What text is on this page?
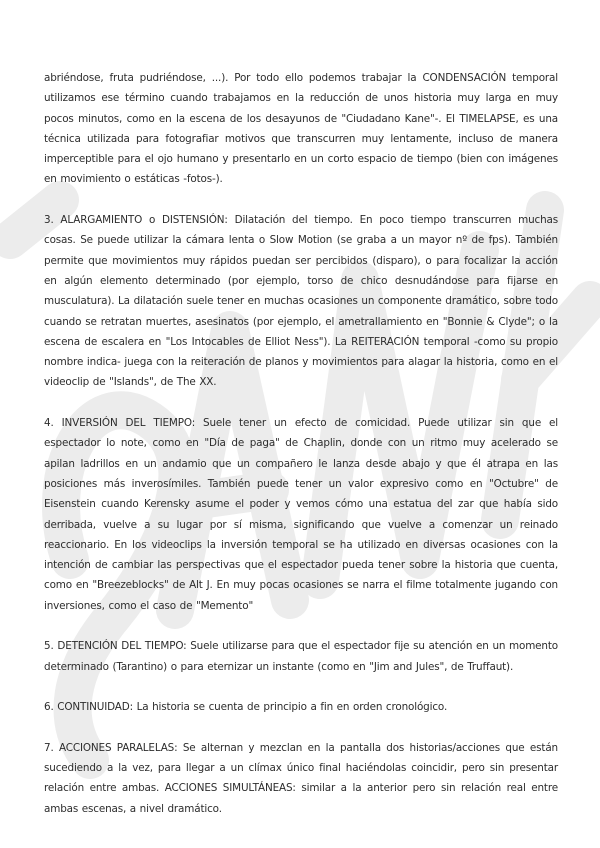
abriéndose, fruta pudriéndose, ...). Por todo ello podemos trabajar la CONDENSACIÓN temporal utilizamos ese término cuando trabajamos en la reducción de unos historia muy larga en muy pocos minutos, como en la escena de los desayunos de "Ciudadano Kane"-. El TIMELAPSE, es una técnica utilizada para fotografiar motivos que transcurren muy lentamente, incluso de manera imperceptible para el ojo humano y presentarlo en un corto espacio de tiempo (bien con imágenes en movimiento o estáticas -fotos-).

3. ALARGAMIENTO o DISTENSIÓN: Dilatación del tiempo. En poco tiempo transcurren muchas cosas. Se puede utilizar la cámara lenta o Slow Motion (se graba a un mayor nº de fps). También permite que movimientos muy rápidos puedan ser percibidos (disparo), o para focalizar la acción en algún elemento determinado (por ejemplo, torso de chico desnudándose para fijarse en musculatura). La dilatación suele tener en muchas ocasiones un componente dramático, sobre todo cuando se retratan muertes, asesinatos (por ejemplo, el ametrallamiento en "Bonnie & Clyde"; o la escena de escalera en "Los Intocables de Elliot Ness"). La REITERACIÓN temporal -como su propio nombre indica- juega con la reiteración de planos y movimientos para alagar la historia, como en el videoclip de "Islands", de The XX.

4. INVERSIÓN DEL TIEMPO: Suele tener un efecto de comicidad. Puede utilizar sin que el espectador lo note, como en "Día de paga" de Chaplin, donde con un ritmo muy acelerado se apilan ladrillos en un andamio que un compañero le lanza desde abajo y que él atrapa en las posiciones más inverosímiles. También puede tener un valor expresivo como en "Octubre" de Eisenstein cuando Kerensky asume el poder y vemos cómo una estatua del zar que había sido derribada, vuelve a su lugar por sí misma, significando que vuelve a comenzar un reinado reaccionario. En los videoclips la inversión temporal se ha utilizado en diversas ocasiones con la intención de cambiar las perspectivas que el espectador pueda tener sobre la historia que cuenta, como en "Breezeblocks" de Alt J. En muy pocas ocasiones se narra el filme totalmente jugando con inversiones, como el caso de "Memento"

5. DETENCIÓN DEL TIEMPO: Suele utilizarse para que el espectador fije su atención en un momento determinado (Tarantino) o para eternizar un instante (como en "Jim and Jules", de Truffaut).

6. CONTINUIDAD: La historia se cuenta de principio a fin en orden cronológico.

7. ACCIONES PARALELAS: Se alternan y mezclan en la pantalla dos historias/acciones que están sucediendo a la vez, para llegar a un clímax único final haciéndolas coincidir, pero sin presentar relación entre ambas. ACCIONES SIMULTÁNEAS: similar a la anterior pero sin relación real entre ambas escenas, a nivel dramático.
